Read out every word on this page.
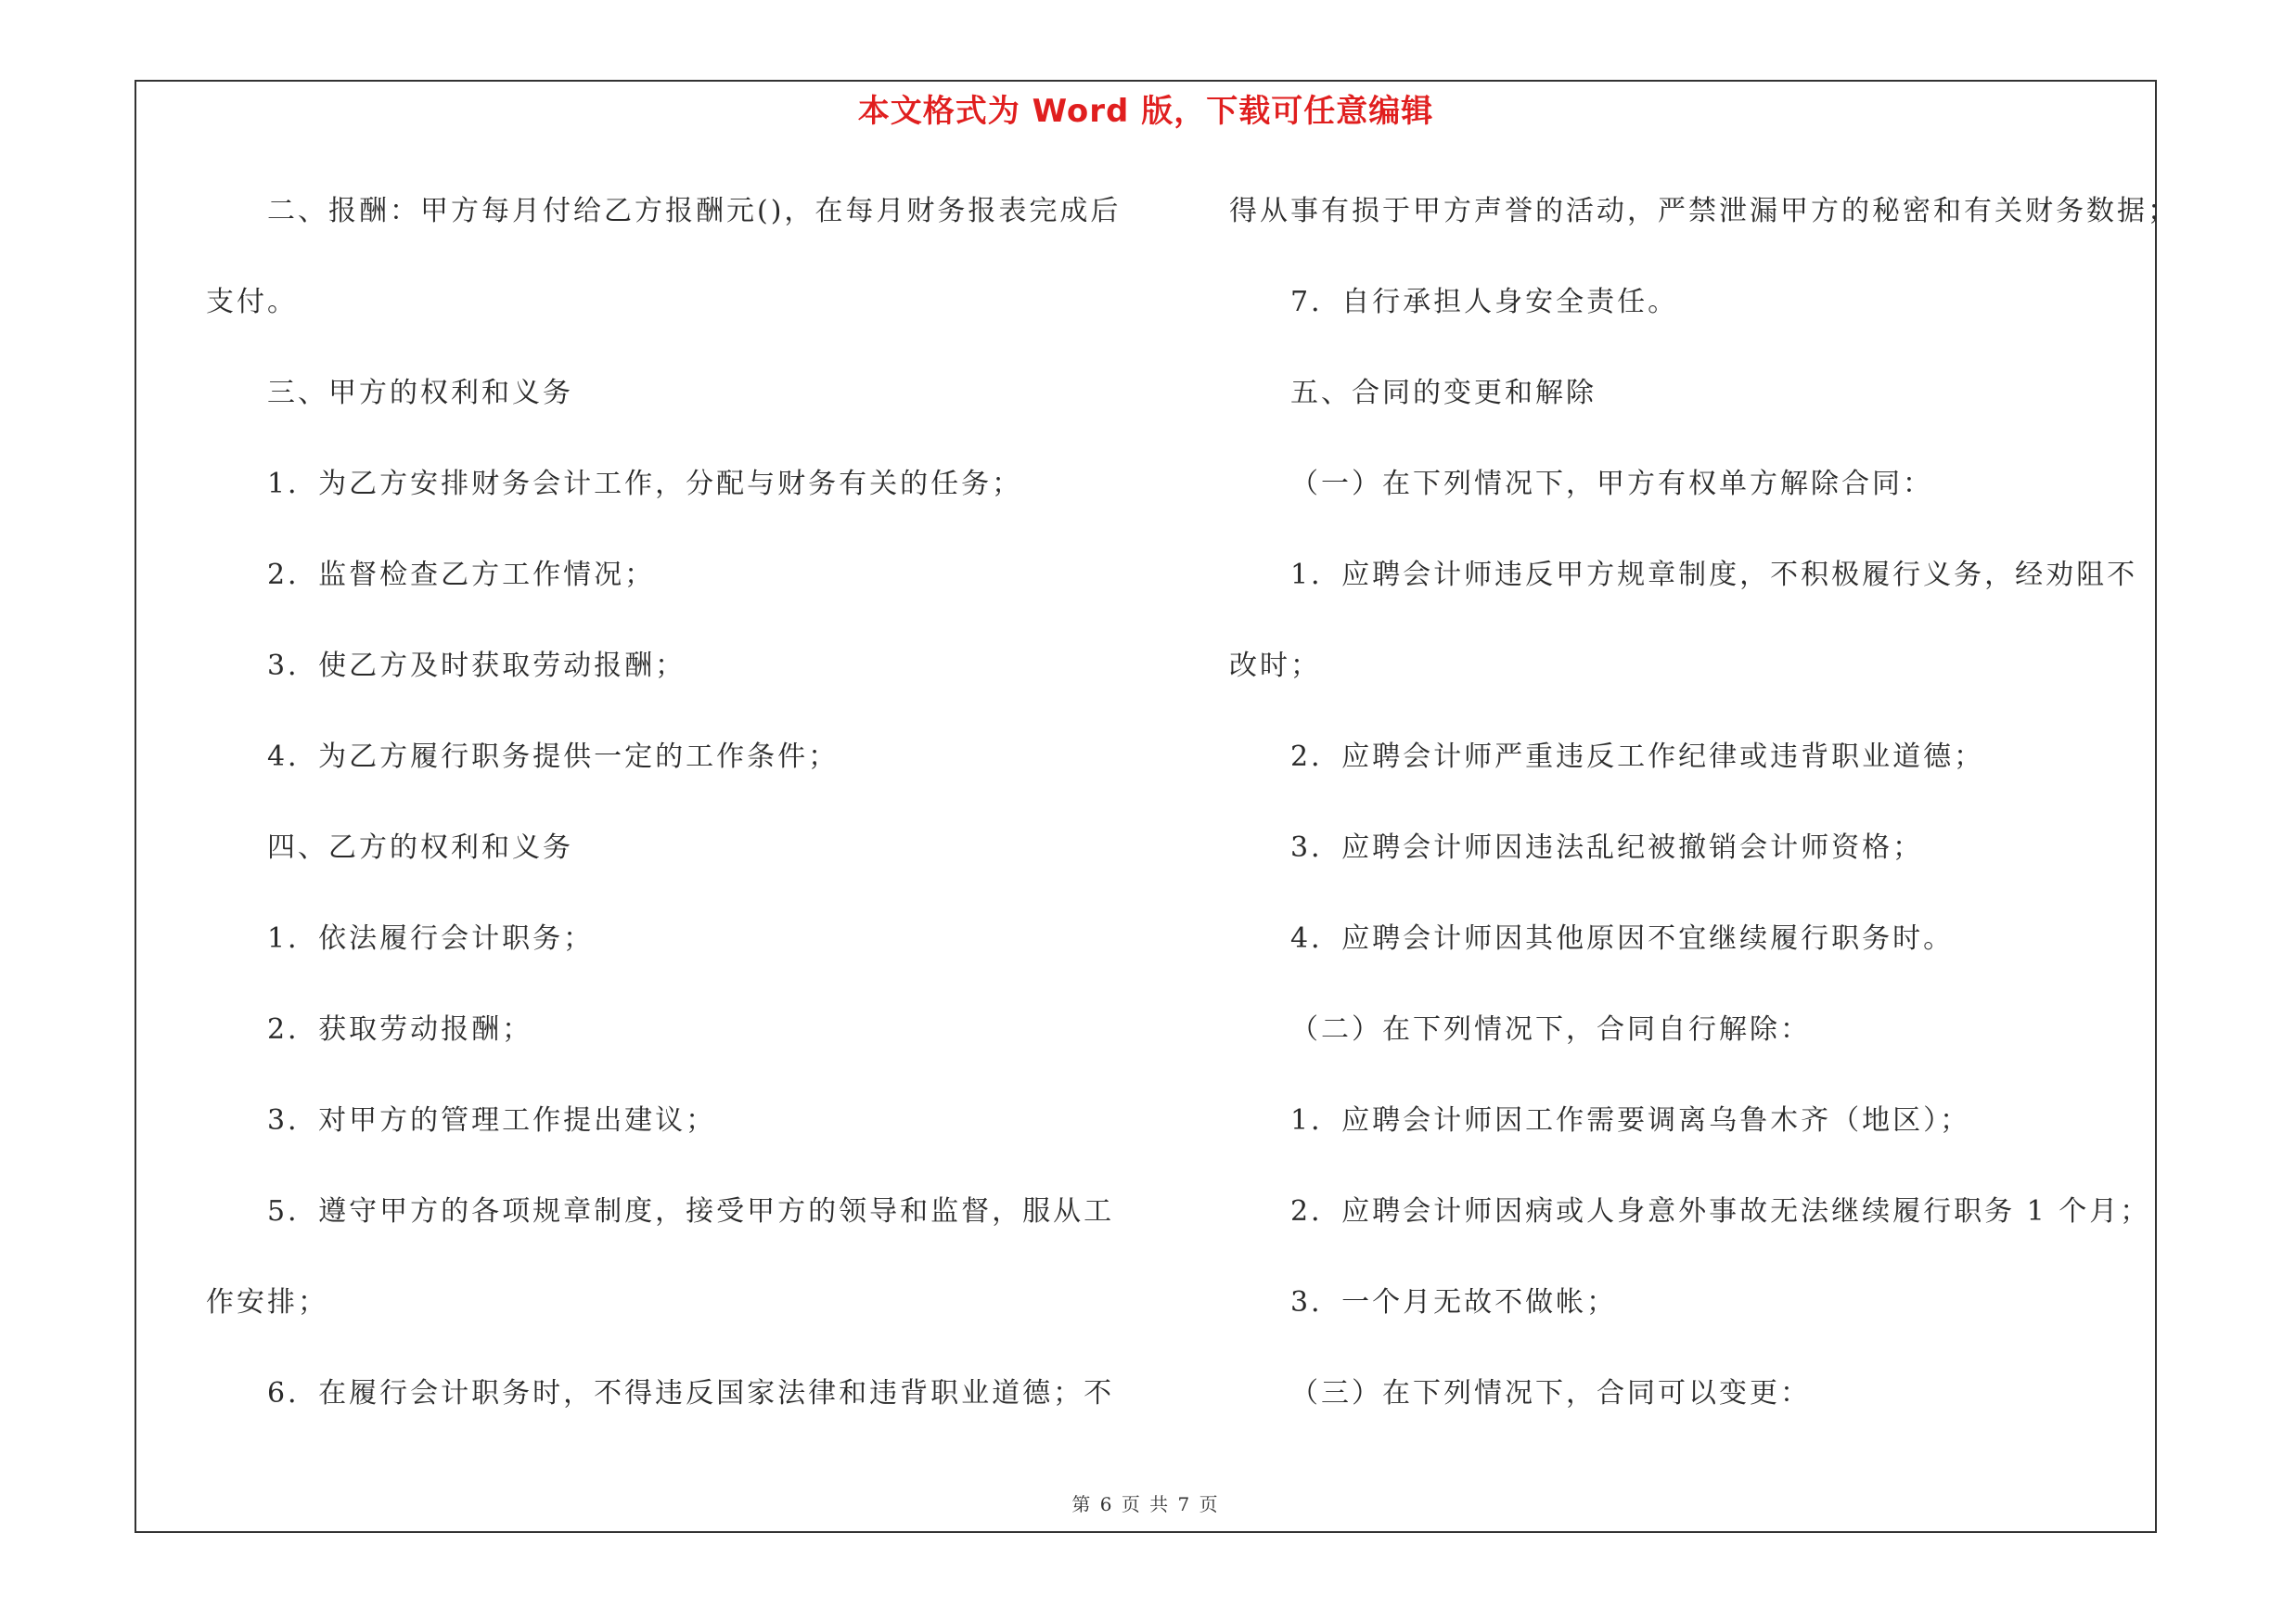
本文格式为 Word 版，下载可任意编辑
二、报酬：甲方每月付给乙方报酬元()，在每月财务报表完成后
支付。
三、甲方的权利和义务
1．为乙方安排财务会计工作，分配与财务有关的任务；
2．监督检查乙方工作情况；
3．使乙方及时获取劳动报酬；
4．为乙方履行职务提供一定的工作条件；
四、乙方的权利和义务
1．依法履行会计职务；
2．获取劳动报酬；
3．对甲方的管理工作提出建议；
5．遵守甲方的各项规章制度，接受甲方的领导和监督，服从工
作安排；
6．在履行会计职务时，不得违反国家法律和违背职业道德；不
得从事有损于甲方声誉的活动，严禁泄漏甲方的秘密和有关财务数据；
7．自行承担人身安全责任。
五、合同的变更和解除
（一）在下列情况下，甲方有权单方解除合同：
1．应聘会计师违反甲方规章制度，不积极履行义务，经劝阻不
改时；
2．应聘会计师严重违反工作纪律或违背职业道德；
3．应聘会计师因违法乱纪被撤销会计师资格；
4．应聘会计师因其他原因不宜继续履行职务时。
（二）在下列情况下，合同自行解除：
1．应聘会计师因工作需要调离乌鲁木齐（地区）；
2．应聘会计师因病或人身意外事故无法继续履行职务 1 个月；
3．一个月无故不做帐；
（三）在下列情况下，合同可以变更：
第 6 页 共 7 页
